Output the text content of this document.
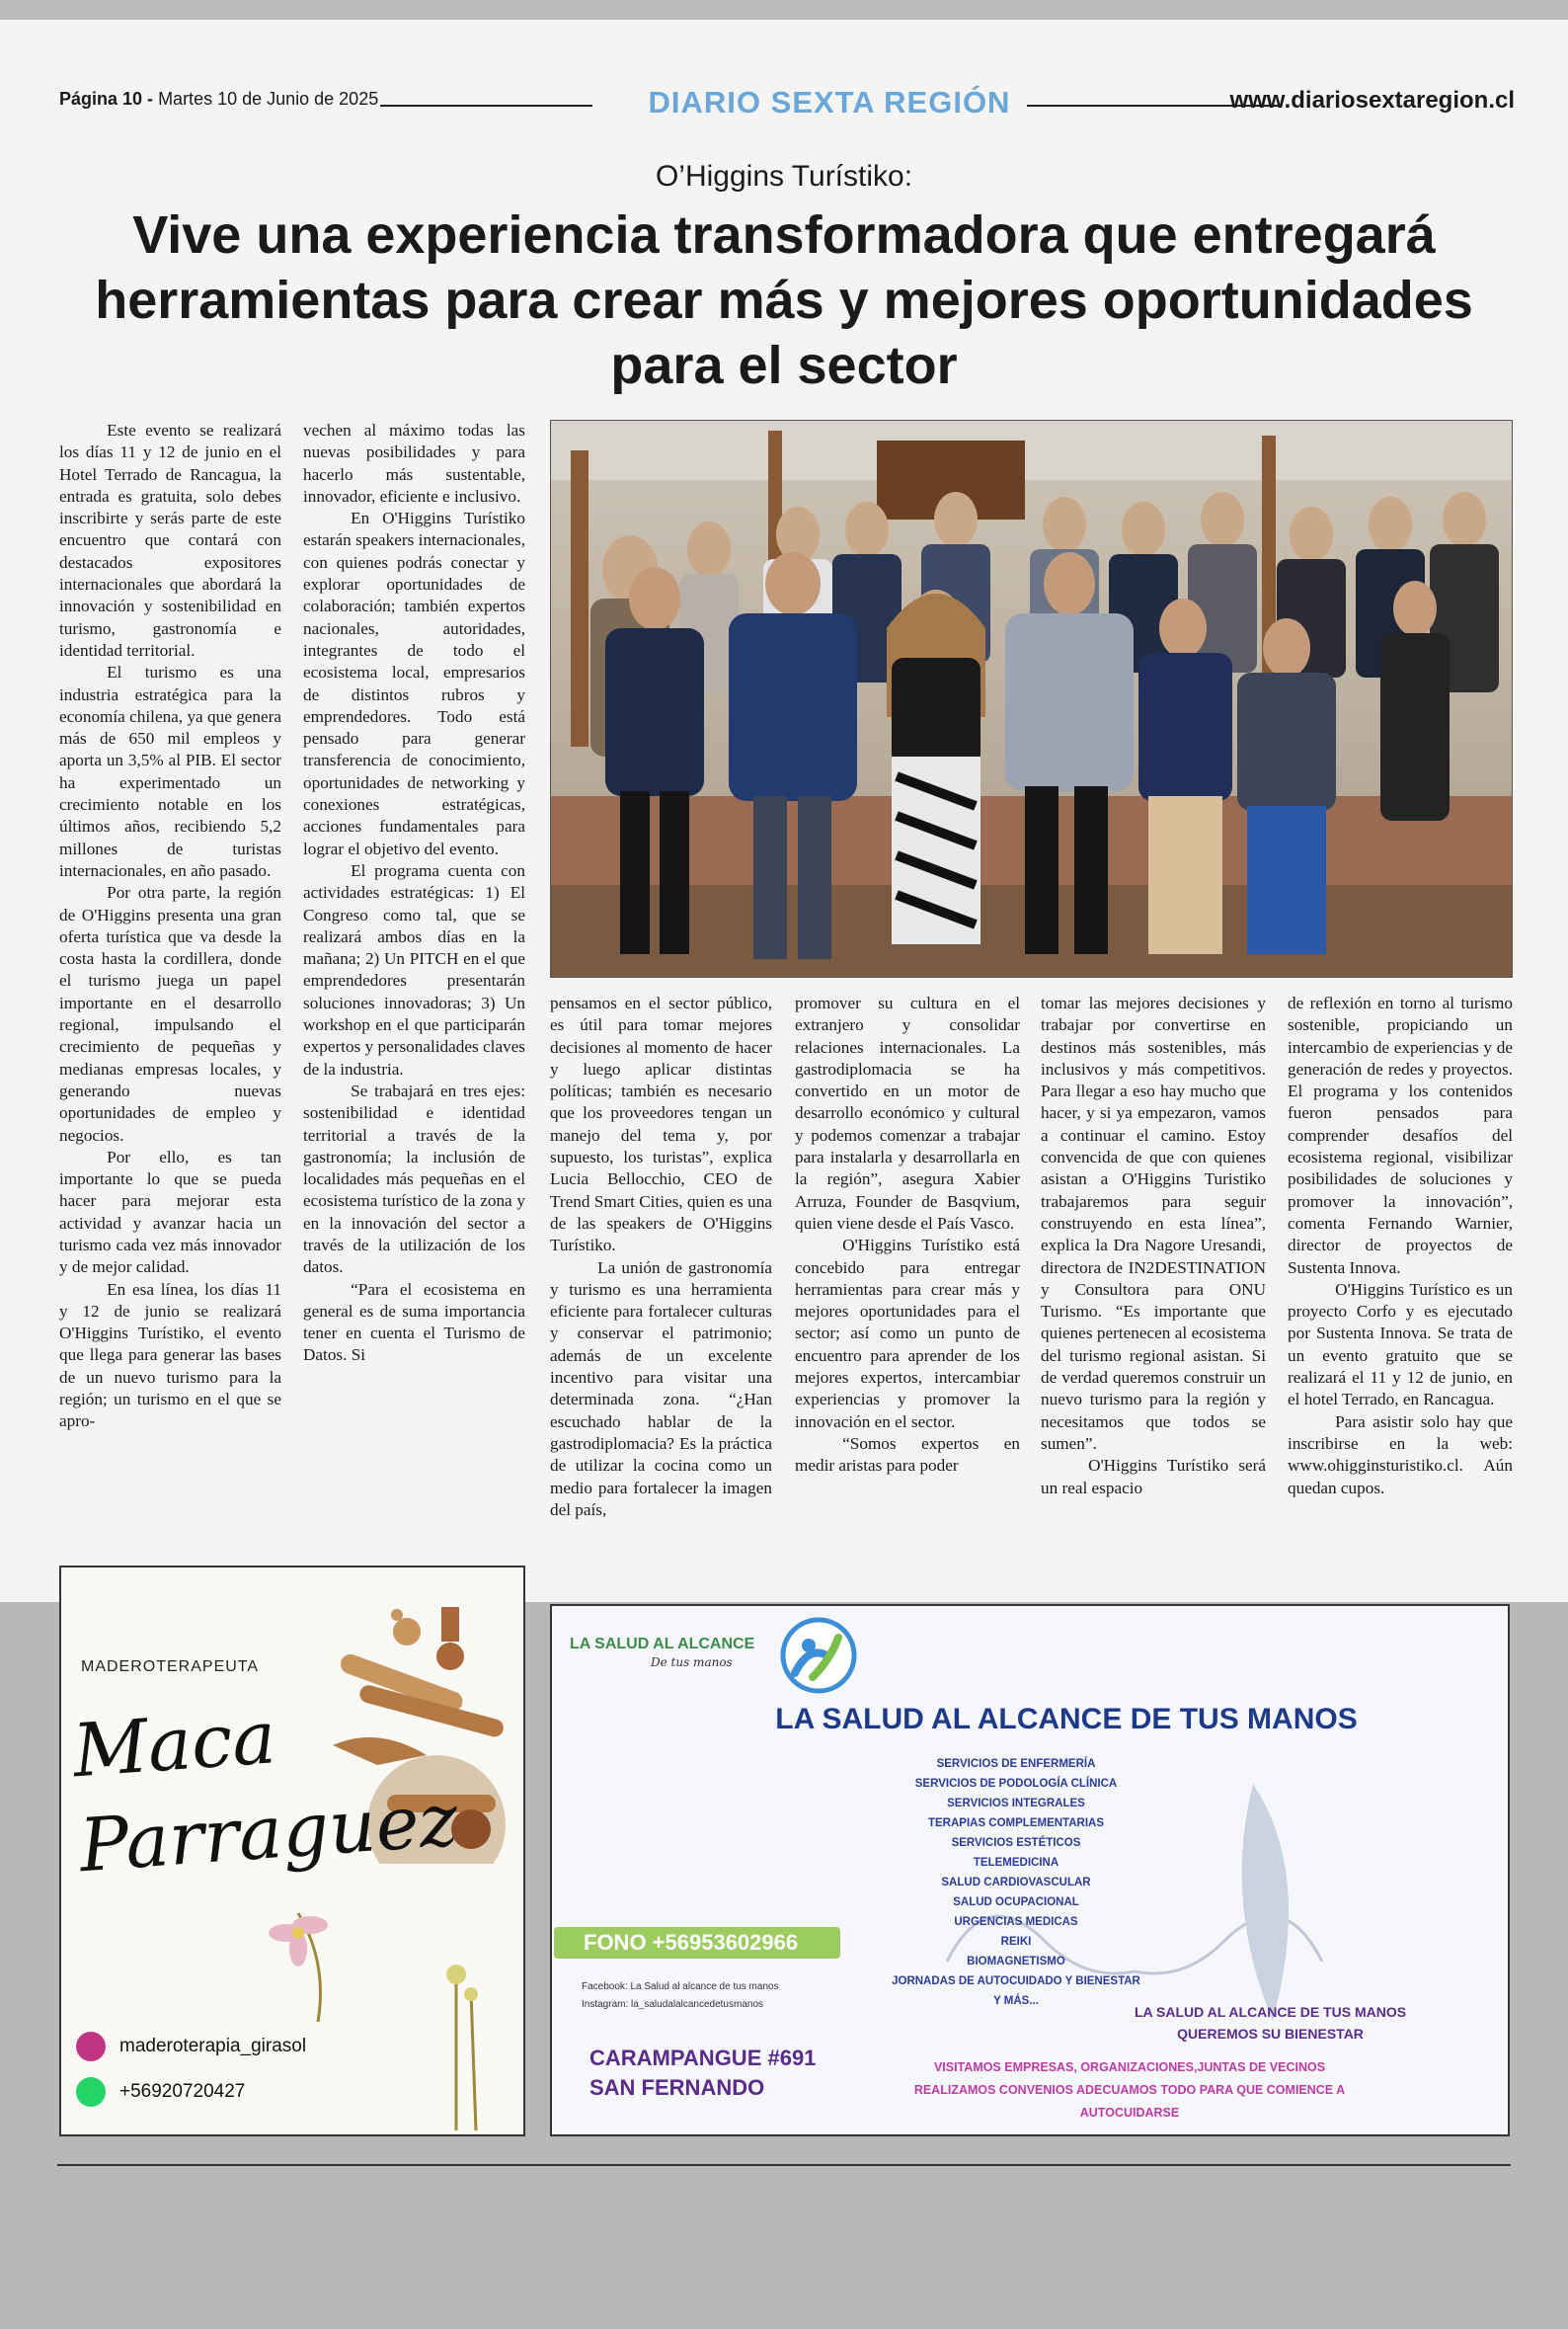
Página 10 - Martes 10 de Junio de 2025	DIARIO SEXTA REGIÓN	www.diariosextaregion.cl
O’Higgins Turístiko:
Vive una experiencia transformadora que entregará herramientas para crear más y mejores oportunidades para el sector

Este evento se realizará los días 11 y 12 de junio en el Hotel Terrado de Rancagua, la entrada es gratuita, solo debes inscribirte y serás parte de este encuentro que contará con destacados expositores internacionales que abordará la innovación y sostenibilidad en turismo, gastronomía e identidad territorial.

El turismo es una industria estratégica para la economía chilena, ya que genera más de 650 mil empleos y aporta un 3,5% al PIB. El sector ha experimentado un crecimiento notable en los últimos años, recibiendo 5,2 millones de turistas internacionales, en año pasado.

Por otra parte, la región de O'Higgins presenta una gran oferta turística que va desde la costa hasta la cordillera, donde el turismo juega un papel importante en el desarrollo regional, impulsando el crecimiento de pequeñas y medianas empresas locales, y generando nuevas oportunidades de empleo y negocios.

Por ello, es tan importante lo que se pueda hacer para mejorar esta actividad y avanzar hacia un turismo cada vez más innovador y de mejor calidad.

En esa línea, los días 11 y 12 de junio se realizará O'Higgins Turístiko, el evento que llega para generar las bases de un nuevo turismo para la región; un turismo en el que se apro-

vechen al máximo todas las nuevas posibilidades y para hacerlo más sustentable, innovador, eficiente e inclusivo.

En O'Higgins Turístiko estarán speakers internacionales, con quienes podrás conectar y explorar oportunidades de colaboración; también expertos nacionales, autoridades, integrantes de todo el ecosistema local, empresarios de distintos rubros y emprendedores. Todo está pensado para generar transferencia de conocimiento, oportunidades de networking y conexiones estratégicas, acciones fundamentales para lograr el objetivo del evento.

El programa cuenta con actividades estratégicas: 1) El Congreso como tal, que se realizará ambos días en la mañana; 2) Un PITCH en el que emprendedores presentarán soluciones innovadoras; 3) Un workshop en el que participarán expertos y personalidades claves de la industria.

Se trabajará en tres ejes: sostenibilidad e identidad territorial a través de la gastronomía; la inclusión de localidades más pequeñas en el ecosistema turístico de la zona y en la innovación del sector a través de la utilización de los datos.

“Para el ecosistema en general es de suma importancia tener en cuenta el Turismo de Datos. Si

pensamos en el sector público, es útil para tomar mejores decisiones al momento de hacer y luego aplicar distintas políticas; también es necesario que los proveedores tengan un manejo del tema y, por supuesto, los turistas”, explica Lucia Bellocchio, CEO de Trend Smart Cities, quien es una de las speakers de O'Higgins Turístiko.

La unión de gastronomía y turismo es una herramienta eficiente para fortalecer culturas y conservar el patrimonio; además de un excelente incentivo para visitar una determinada zona. “¿Han escuchado hablar de la gastrodiplomacia? Es la práctica de utilizar la cocina como un medio para fortalecer la imagen del país,

promover su cultura en el extranjero y consolidar relaciones internacionales. La gastrodiplomacia se ha convertido en un motor de desarrollo económico y cultural y podemos comenzar a trabajar para instalarla y desarrollarla en la región”, asegura Xabier Arruza, Founder de Basqvium, quien viene desde el País Vasco.

O'Higgins Turístiko está concebido para entregar herramientas para crear más y mejores oportunidades para el sector; así como un punto de encuentro para aprender de los mejores expertos, intercambiar experiencias y promover la innovación en el sector.

“Somos expertos en medir aristas para poder

tomar las mejores decisiones y trabajar por convertirse en destinos más sostenibles, más inclusivos y más competitivos. Para llegar a eso hay mucho que hacer, y si ya empezaron, vamos a continuar el camino. Estoy convencida de que con quienes asistan a O'Higgins Turistiko trabajaremos para seguir construyendo en esta línea”, explica la Dra Nagore Uresandi, directora de IN2DESTINATION y Consultora para ONU Turismo. “Es importante que quienes pertenecen al ecosistema del turismo regional asistan. Si de verdad queremos construir un nuevo turismo para la región y necesitamos que todos se sumen”.

O'Higgins Turístiko será un real espacio

de reflexión en torno al turismo sostenible, propiciando un intercambio de experiencias y de generación de redes y proyectos. El programa y los contenidos fueron pensados para comprender desafíos del ecosistema regional, visibilizar posibilidades de soluciones y promover la innovación”, comenta Fernando Warnier, director de proyectos de Sustenta Innova.

O'Higgins Turístico es un proyecto Corfo y es ejecutado por Sustenta Innova. Se trata de un evento gratuito que se realizará el 11 y 12 de junio, en el hotel Terrado, en Rancagua.

Para asistir solo hay que inscribirse en la web: www.ohigginsturistiko.cl. Aún quedan cupos.

MADEROTERAPEUTA
Maca
Parraguez
maderoterapia_girasol
+56920720427
LA SALUD AL ALCANCE
De tus manos
LA SALUD AL ALCANCE DE TUS MANOS
SERVICIOS DE ENFERMERÍA
SERVICIOS DE PODOLOGÍA CLÍNICA
SERVICIOS INTEGRALES
TERAPIAS COMPLEMENTARIAS
SERVICIOS ESTÉTICOS
TELEMEDICINA
SALUD CARDIOVASCULAR
SALUD OCUPACIONAL
URGENCIAS MEDICAS
REIKI
BIOMAGNETISMO
JORNADAS DE AUTOCUIDADO Y BIENESTAR
Y MÁS...
FONO +56953602966
Facebook: La Salud al alcance de tus manos
Instagram: la_saludalalcancedetusmanos
CARAMPANGUE #691
SAN FERNANDO
LA SALUD AL ALCANCE DE TUS MANOS
QUEREMOS SU BIENESTAR
VISITAMOS EMPRESAS, ORGANIZACIONES,JUNTAS DE VECINOS
REALIZAMOS CONVENIOS ADECUAMOS TODO PARA QUE COMIENCE A
AUTOCUIDARSE
